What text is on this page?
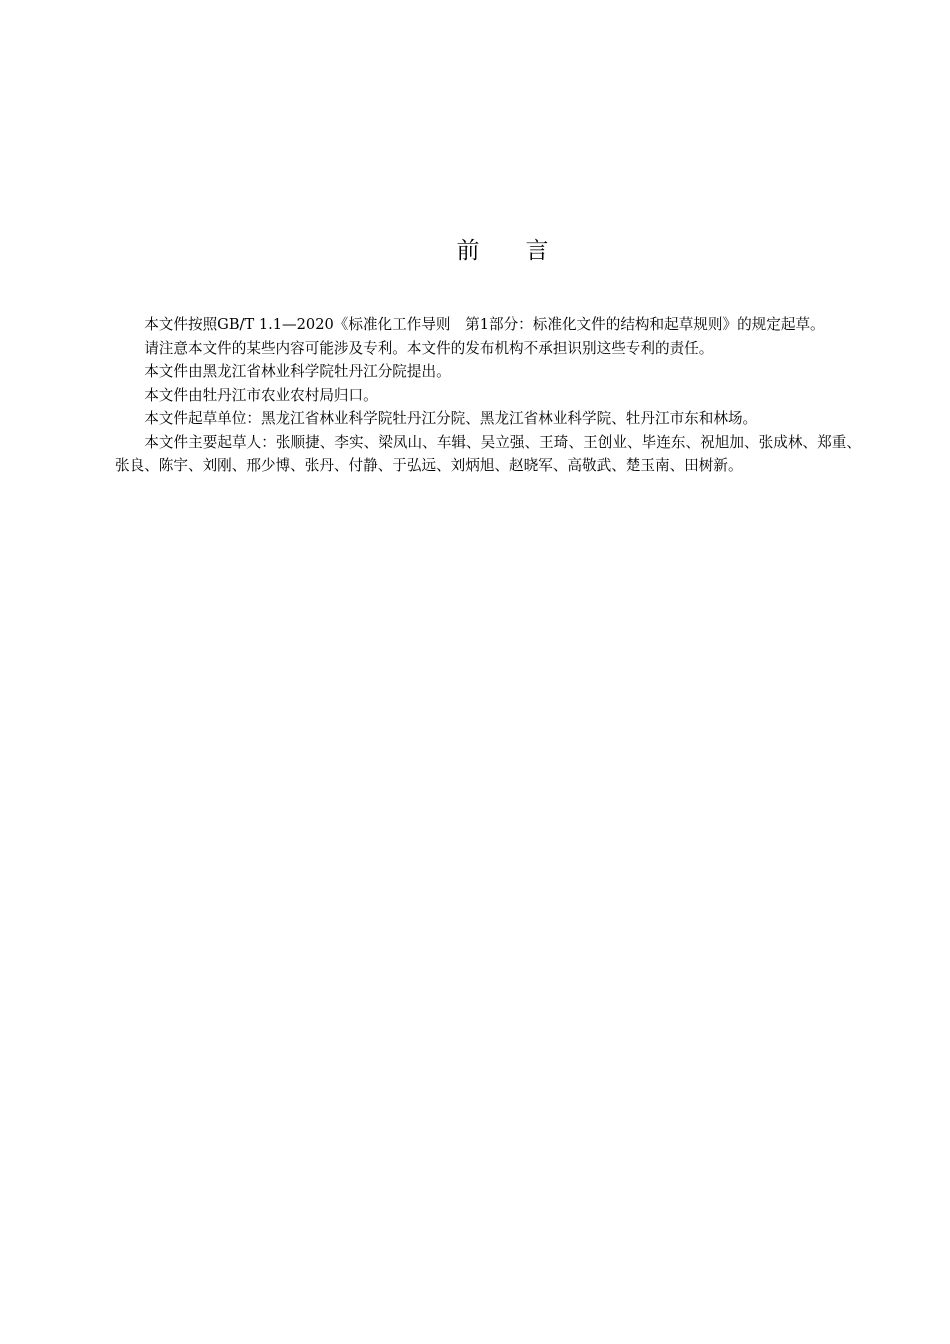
前 言

本文件按照GB/T 1.1—2020《标准化工作导则　第1部分：标准化文件的结构和起草规则》的规定起草。

请注意本文件的某些内容可能涉及专利。本文件的发布机构不承担识别这些专利的责任。

本文件由黑龙江省林业科学院牡丹江分院提出。

本文件由牡丹江市农业农村局归口。

本文件起草单位：黑龙江省林业科学院牡丹江分院、黑龙江省林业科学院、牡丹江市东和林场。

本文件主要起草人：张顺捷、李实、梁凤山、车辑、吴立强、王琦、王创业、毕连东、祝旭加、张成林、郑重、张良、陈宇、刘刚、邢少博、张丹、付静、于弘远、刘炳旭、赵晓军、高敬武、楚玉南、田树新。
